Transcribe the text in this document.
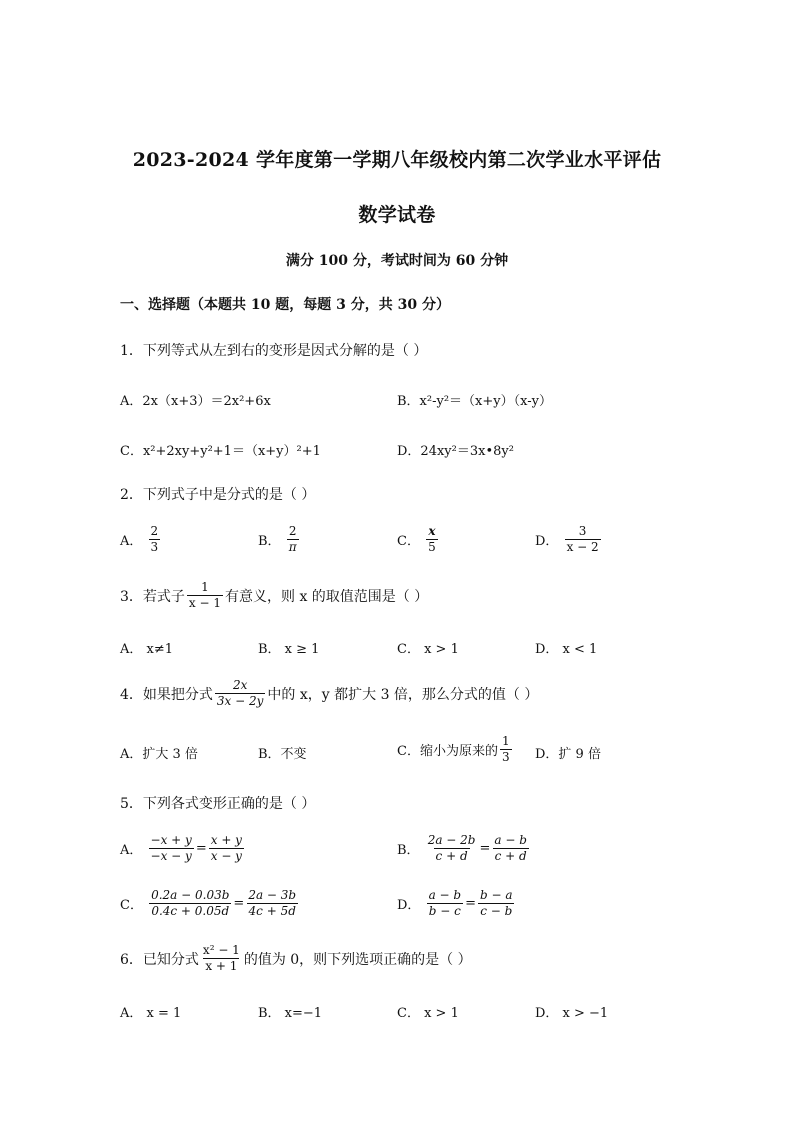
2023-2024 学年度第一学期八年级校内第二次学业水平评估
数学试卷
满分 100 分，考试时间为 60 分钟
一、选择题（本题共 10 题，每题 3 分，共 30 分）
1．下列等式从左到右的变形是因式分解的是（ ）
A．2x（x+3）＝2x²+6x	B．x²-y²＝（x+y）（x-y）
C．x²+2xy+y²+1＝（x+y）²+1	D．24xy²＝3x•8y²
2．下列式子中是分式的是（ ）
A． $\frac{2}{3}$	B． $\frac{2}{\pi}$	C． $\frac{x}{5}$	D． $\frac{3}{x - 2}$
3．若式子 $\frac{1}{x - 1}$ 有意义，则 x 的取值范围是（ ）
A． x≠1	B． x ≥ 1	C． x > 1	D． x < 1
4．如果把分式 $\frac{2x}{3x - 2y}$ 中的 x，y 都扩大 3 倍，那么分式的值（ ）
A．扩大 3 倍	B．不变	C．缩小为原来的 $\frac{1}{3}$ D．扩 9 倍
5．下列各式变形正确的是（ ）
A． $\frac{-x + y}{-x - y} = \frac{x + y}{x - y}$	B． $\frac{2a - 2b}{c + d} = \frac{a - b}{c + d}$
C． $\frac{0.2a - 0.03b}{0.4c + 0.05d} = \frac{2a - 3b}{4c + 5d}$	D． $\frac{a - b}{b - c} = \frac{b - a}{c - b}$
6．已知分式 $\frac{\text{x² − 1}}{x + 1}$ 的值为 0，则下列选项正确的是（ ）
A． x = 1	B． x=−1	C． x > 1	D． x > −1
